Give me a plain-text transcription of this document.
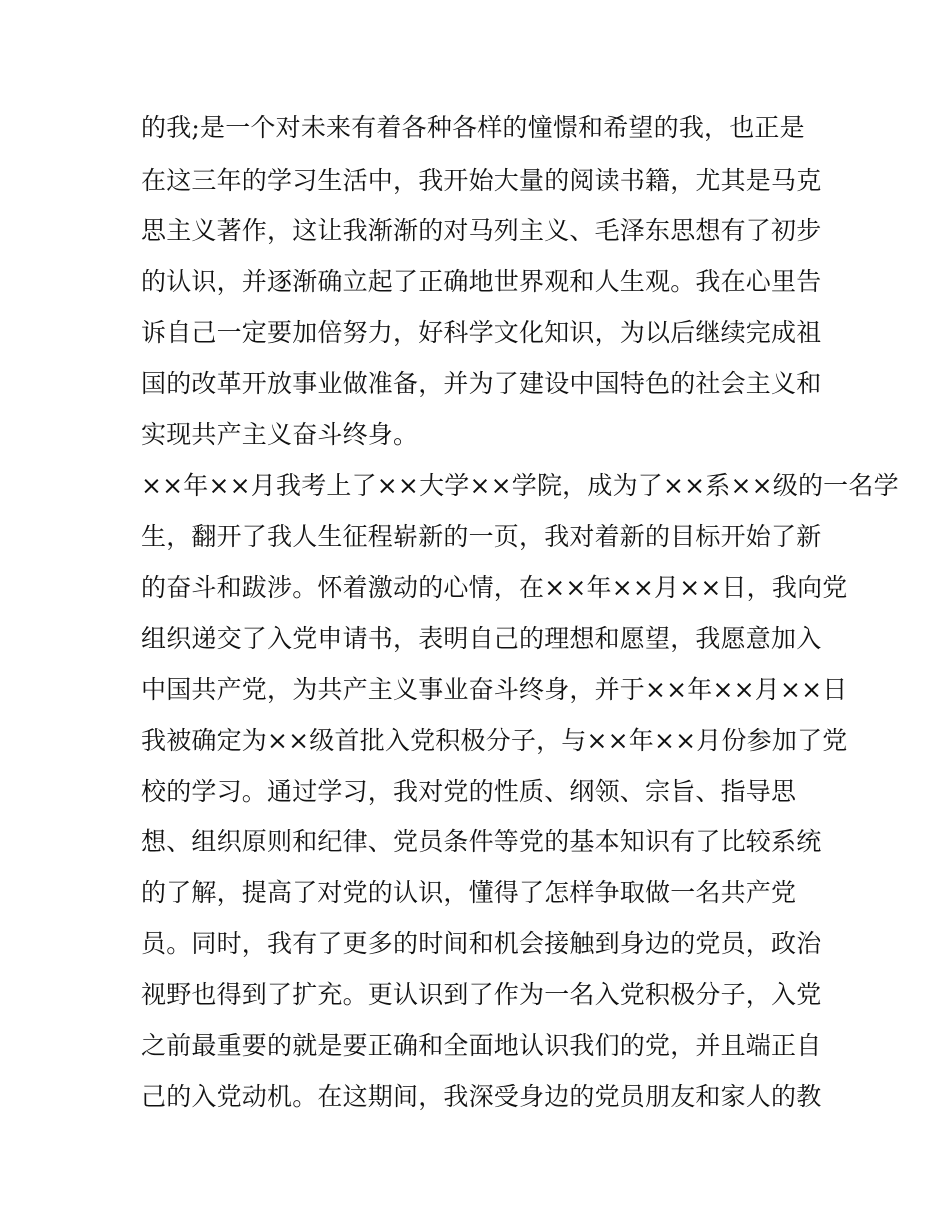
的我;是一个对未来有着各种各样的憧憬和希望的我，也正是
在这三年的学习生活中，我开始大量的阅读书籍，尤其是马克
思主义著作，这让我渐渐的对马列主义、毛泽东思想有了初步
的认识，并逐渐确立起了正确地世界观和人生观。我在心里告
诉自己一定要加倍努力，好科学文化知识，为以后继续完成祖
国的改革开放事业做准备，并为了建设中国特色的社会主义和
实现共产主义奋斗终身。
××年××月我考上了××大学××学院，成为了××系××级的一名学
生，翻开了我人生征程崭新的一页，我对着新的目标开始了新
的奋斗和跋涉。怀着激动的心情，在××年××月××日，我向党
组织递交了入党申请书，表明自己的理想和愿望，我愿意加入
中国共产党，为共产主义事业奋斗终身，并于××年××月××日
我被确定为××级首批入党积极分子，与××年××月份参加了党
校的学习。通过学习，我对党的性质、纲领、宗旨、指导思
想、组织原则和纪律、党员条件等党的基本知识有了比较系统
的了解，提高了对党的认识，懂得了怎样争取做一名共产党
员。同时，我有了更多的时间和机会接触到身边的党员，政治
视野也得到了扩充。更认识到了作为一名入党积极分子，入党
之前最重要的就是要正确和全面地认识我们的党，并且端正自
己的入党动机。在这期间，我深受身边的党员朋友和家人的教
